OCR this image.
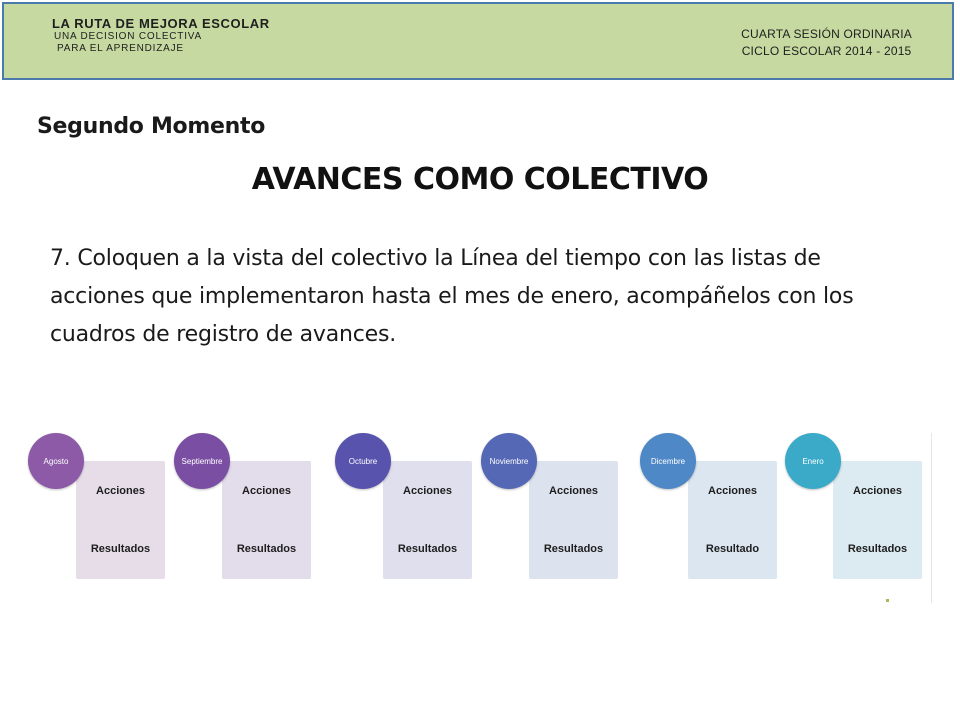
LA RUTA DE MEJORA ESCOLAR
UNA DECISION COLECTIVA
PARA EL APRENDIZAJE
CUARTA SESIÓN ORDINARIA
CICLO ESCOLAR 2014 - 2015
Segundo Momento
AVANCES COMO COLECTIVO
7. Coloquen a la vista del colectivo la Línea del tiempo con las listas de acciones que implementaron hasta el mes de enero, acompáñelos con los cuadros de registro de avances.
Acciones
Resultados
Agosto
Acciones
Resultados
Septiembre
Acciones
Resultados
Octubre
Acciones
Resultados
Noviembre
Acciones
Resultado
Dicembre
Acciones
Resultados
Enero
